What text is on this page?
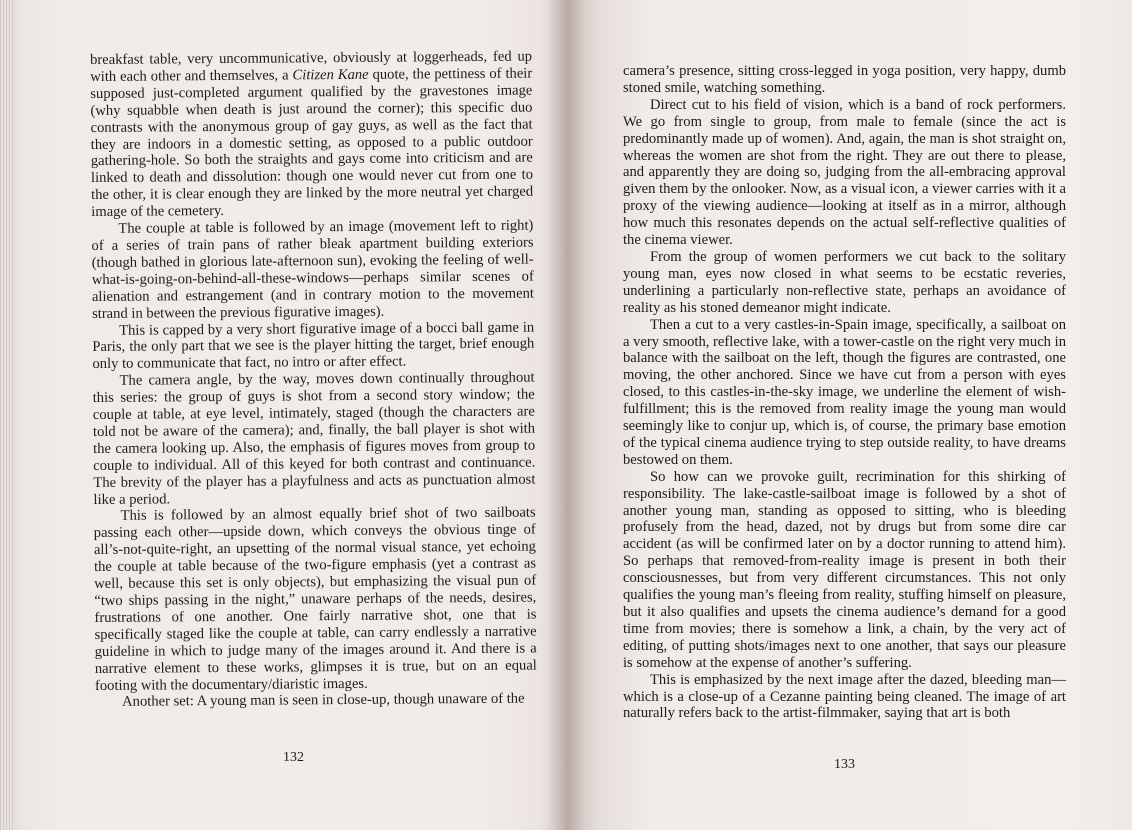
breakfast table, very uncommunicative, obviously at loggerheads, fed up with each other and themselves, a Citizen Kane quote, the pettiness of their supposed just-completed argument qualified by the gravestones image (why squabble when death is just around the corner); this specific duo contrasts with the anonymous group of gay guys, as well as the fact that they are indoors in a domestic setting, as opposed to a public outdoor gathering-hole. So both the straights and gays come into criticism and are linked to death and dissolution: though one would never cut from one to the other, it is clear enough they are linked by the more neutral yet charged image of the cemetery.

The couple at table is followed by an image (movement left to right) of a series of train pans of rather bleak apartment building exteriors (though bathed in glorious late-afternoon sun), evoking the feeling of well-what-is-going-on-behind-all-these-windows—perhaps similar scenes of alienation and estrangement (and in contrary motion to the movement strand in between the previous figurative images).

This is capped by a very short figurative image of a bocci ball game in Paris, the only part that we see is the player hitting the target, brief enough only to communicate that fact, no intro or after effect.

The camera angle, by the way, moves down continually throughout this series: the group of guys is shot from a second story window; the couple at table, at eye level, intimately, staged (though the characters are told not be aware of the camera); and, finally, the ball player is shot with the camera looking up. Also, the emphasis of figures moves from group to couple to individual. All of this keyed for both contrast and continuance. The brevity of the player has a playfulness and acts as punctuation almost like a period.

This is followed by an almost equally brief shot of two sailboats passing each other—upside down, which conveys the obvious tinge of all’s-not-quite-right, an upsetting of the normal visual stance, yet echoing the couple at table because of the two-figure emphasis (yet a contrast as well, because this set is only objects), but emphasizing the visual pun of “two ships passing in the night,” unaware perhaps of the needs, desires, frustrations of one another. One fairly narrative shot, one that is specifically staged like the couple at table, can carry endlessly a narrative guideline in which to judge many of the images around it. And there is a narrative element to these works, glimpses it is true, but on an equal footing with the documentary/diaristic images.

Another set: A young man is seen in close-up, though unaware of the

132

camera’s presence, sitting cross-legged in yoga position, very happy, dumb stoned smile, watching something.

Direct cut to his field of vision, which is a band of rock performers. We go from single to group, from male to female (since the act is predominantly made up of women). And, again, the man is shot straight on, whereas the women are shot from the right. They are out there to please, and apparently they are doing so, judging from the all-embracing approval given them by the onlooker. Now, as a visual icon, a viewer carries with it a proxy of the viewing audience—looking at itself as in a mirror, although how much this resonates depends on the actual self-reflective qualities of the cinema viewer.

From the group of women performers we cut back to the solitary young man, eyes now closed in what seems to be ecstatic reveries, underlining a particularly non-reflective state, perhaps an avoidance of reality as his stoned demeanor might indicate.

Then a cut to a very castles-in-Spain image, specifically, a sailboat on a very smooth, reflective lake, with a tower-castle on the right very much in balance with the sailboat on the left, though the figures are contrasted, one moving, the other anchored. Since we have cut from a person with eyes closed, to this castles-in-the-sky image, we underline the element of wish-fulfillment; this is the removed from reality image the young man would seemingly like to conjur up, which is, of course, the primary base emotion of the typical cinema audience trying to step outside reality, to have dreams bestowed on them.

So how can we provoke guilt, recrimination for this shirking of responsibility. The lake-castle-sailboat image is followed by a shot of another young man, standing as opposed to sitting, who is bleeding profusely from the head, dazed, not by drugs but from some dire car accident (as will be confirmed later on by a doctor running to attend him). So perhaps that removed-from-reality image is present in both their consciousnesses, but from very different circumstances. This not only qualifies the young man’s fleeing from reality, stuffing himself on pleasure, but it also qualifies and upsets the cinema audience’s demand for a good time from movies; there is somehow a link, a chain, by the very act of editing, of putting shots/images next to one another, that says our pleasure is somehow at the expense of another’s suffering.

This is emphasized by the next image after the dazed, bleeding man—which is a close-up of a Cezanne painting being cleaned. The image of art naturally refers back to the artist-filmmaker, saying that art is both

133
